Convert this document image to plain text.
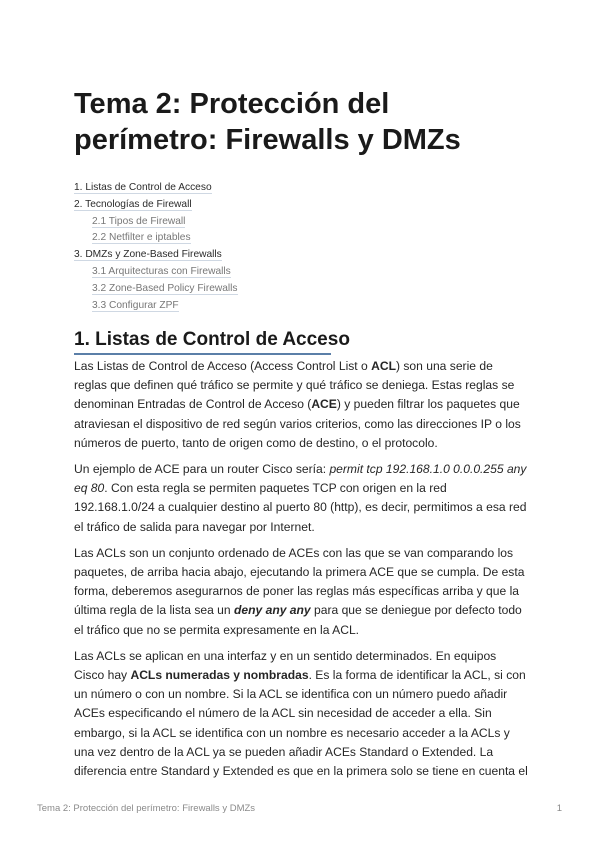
Tema 2: Protección del perímetro: Firewalls y DMZs
1. Listas de Control de Acceso
2. Tecnologías de Firewall
2.1 Tipos de Firewall
2.2 Netfilter e iptables
3. DMZs y Zone-Based Firewalls
3.1 Arquitecturas con Firewalls
3.2 Zone-Based Policy Firewalls
3.3 Configurar ZPF
1. Listas de Control de Acceso

Las Listas de Control de Acceso (Access Control List o ACL) son una serie de reglas que definen qué tráfico se permite y qué tráfico se deniega. Estas reglas se denominan Entradas de Control de Acceso (ACE) y pueden filtrar los paquetes que atraviesan el dispositivo de red según varios criterios, como las direcciones IP o los números de puerto, tanto de origen como de destino, o el protocolo.

Un ejemplo de ACE para un router Cisco sería: permit tcp 192.168.1.0 0.0.0.255 any eq 80. Con esta regla se permiten paquetes TCP con origen en la red 192.168.1.0/24 a cualquier destino al puerto 80 (http), es decir, permitimos a esa red el tráfico de salida para navegar por Internet.

Las ACLs son un conjunto ordenado de ACEs con las que se van comparando los paquetes, de arriba hacia abajo, ejecutando la primera ACE que se cumpla. De esta forma, deberemos asegurarnos de poner las reglas más específicas arriba y que la última regla de la lista sea un deny any any para que se deniegue por defecto todo el tráfico que no se permita expresamente en la ACL.

Las ACLs se aplican en una interfaz y en un sentido determinados. En equipos Cisco hay ACLs numeradas y nombradas. Es la forma de identificar la ACL, si con un número o con un nombre. Si la ACL se identifica con un número puedo añadir ACEs especificando el número de la ACL sin necesidad de acceder a ella. Sin embargo, si la ACL se identifica con un nombre es necesario acceder a la ACLs y una vez dentro de la ACL ya se pueden añadir ACEs Standard o Extended. La diferencia entre Standard y Extended es que en la primera solo se tiene en cuenta el

Tema 2: Protección del perímetro: Firewalls y DMZs	1
